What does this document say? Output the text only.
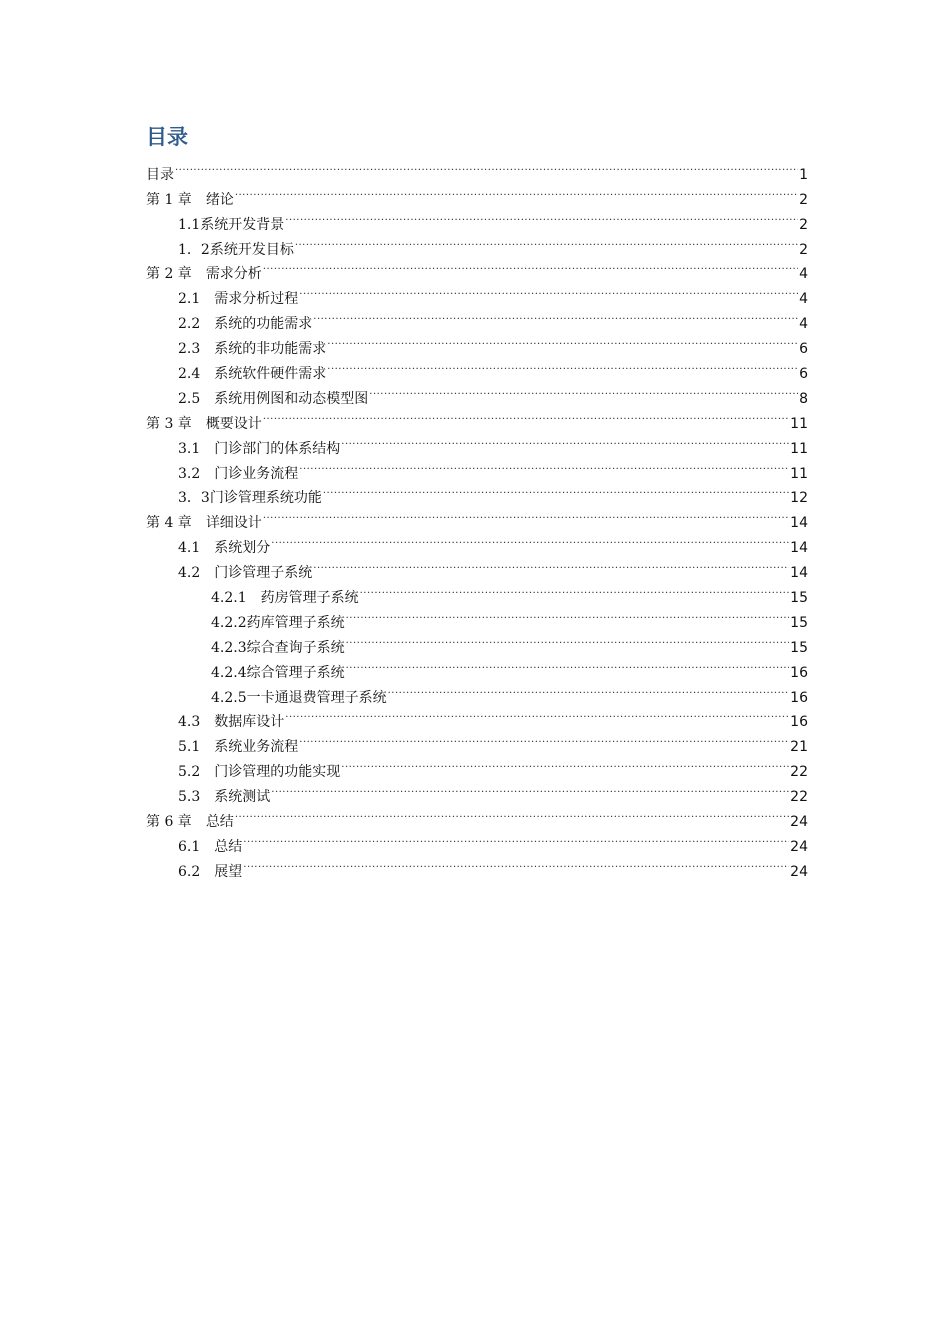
目录
目录 .....	1
第 1 章　 绪论 .....	2
1.1 系统开发背景 .....	2
1．2 系统开发目标 .....	2
第 2 章　 需求分析 .....	4
2.1　 需求分析过程 .....	4
2.2　 系统的功能需求 .....	4
2.3　 系统的非功能需求 .....	6
2.4　 系统软件硬件需求 .....	6
2.5　 系统用例图和动态模型图 .....	8
第 3 章　 概要设计 .....	11
3.1　 门诊部门的体系结构 .....	11
3.2　 门诊业务流程 .....	11
3．3 门诊管理系统功能 .....	12
第 4 章　 详细设计 .....	14
4.1　 系统划分 .....	14
4.2　 门诊管理子系统 .....	14
4.2.1　 药房管理子系统 .....	15
4.2.2 药库管理子系统 .....	15
4.2.3 综合查询子系统 .....	15
4.2.4 综合管理子系统 .....	16
4.2.5 一卡通退费管理子系统 .....	16
4.3　 数据库设计 .....	16
5.1　 系统业务流程 .....	21
5.2　 门诊管理的功能实现 .....	22
5.3　 系统测试 .....	22
第 6 章　 总结 .....	24
6.1　 总结 .....	24
6.2　 展望 .....	24
